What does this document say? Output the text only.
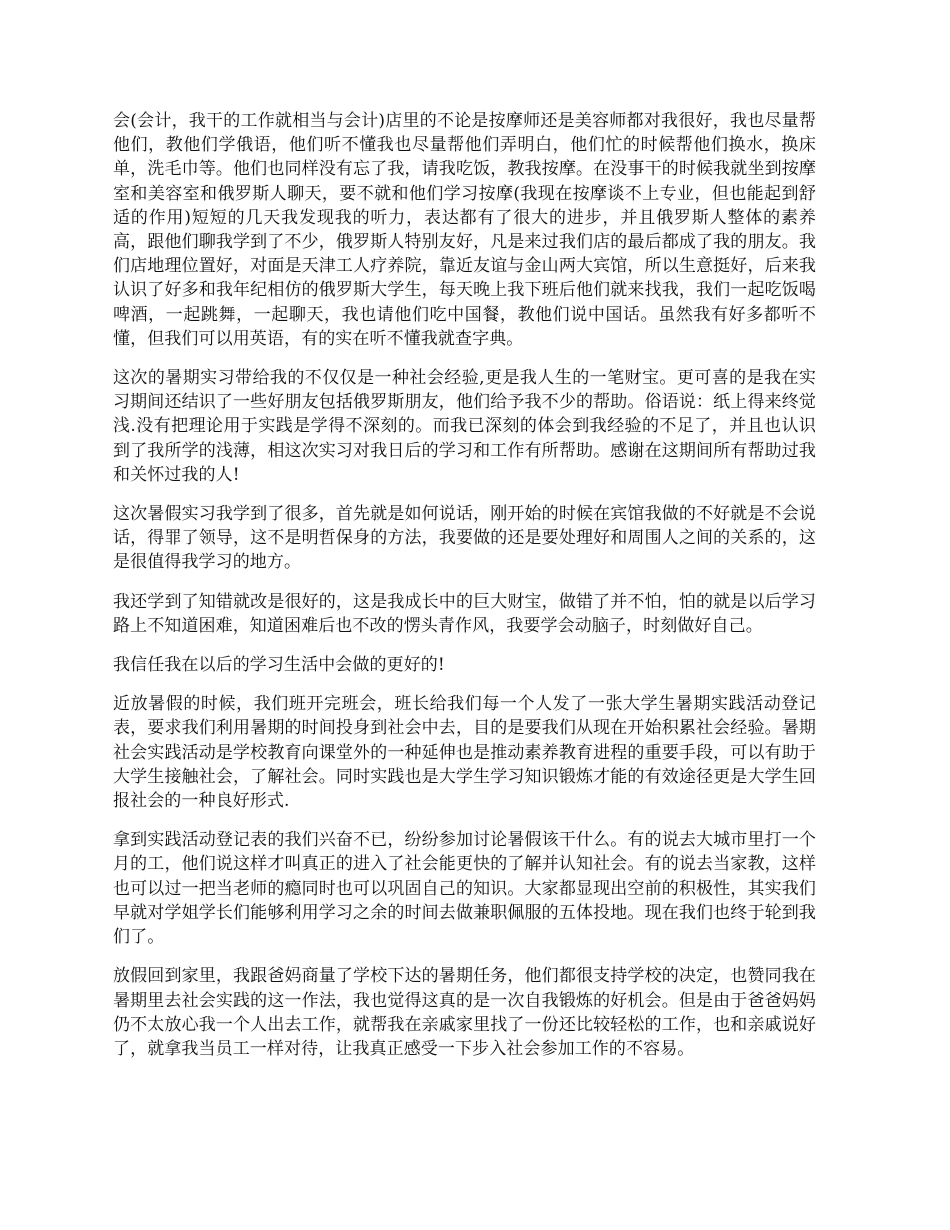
会(会计，我干的工作就相当与会计)店里的不论是按摩师还是美容师都对我很好，我也尽量帮他们，教他们学俄语，他们听不懂我也尽量帮他们弄明白，他们忙的时候帮他们换水，换床单，洗毛巾等。他们也同样没有忘了我，请我吃饭，教我按摩。在没事干的时候我就坐到按摩室和美容室和俄罗斯人聊天，要不就和他们学习按摩(我现在按摩谈不上专业，但也能起到舒适的作用)短短的几天我发现我的听力，表达都有了很大的进步，并且俄罗斯人整体的素养高，跟他们聊我学到了不少，俄罗斯人特别友好，凡是来过我们店的最后都成了我的朋友。我们店地理位置好，对面是天津工人疗养院，靠近友谊与金山两大宾馆，所以生意挺好，后来我认识了好多和我年纪相仿的俄罗斯大学生，每天晚上我下班后他们就来找我，我们一起吃饭喝啤酒，一起跳舞，一起聊天，我也请他们吃中国餐，教他们说中国话。虽然我有好多都听不懂，但我们可以用英语，有的实在听不懂我就查字典。

这次的暑期实习带给我的不仅仅是一种社会经验,更是我人生的一笔财宝。更可喜的是我在实习期间还结识了一些好朋友包括俄罗斯朋友，他们给予我不少的帮助。俗语说：纸上得来终觉浅.没有把理论用于实践是学得不深刻的。而我已深刻的体会到我经验的不足了，并且也认识到了我所学的浅薄，相这次实习对我日后的学习和工作有所帮助。感谢在这期间所有帮助过我和关怀过我的人!

这次暑假实习我学到了很多，首先就是如何说话，刚开始的时候在宾馆我做的不好就是不会说话，得罪了领导，这不是明哲保身的方法，我要做的还是要处理好和周围人之间的关系的，这是很值得我学习的地方。

我还学到了知错就改是很好的，这是我成长中的巨大财宝，做错了并不怕，怕的就是以后学习路上不知道困难，知道困难后也不改的愣头青作风，我要学会动脑子，时刻做好自己。

我信任我在以后的学习生活中会做的更好的!

近放暑假的时候，我们班开完班会，班长给我们每一个人发了一张大学生暑期实践活动登记表，要求我们利用暑期的时间投身到社会中去，目的是要我们从现在开始积累社会经验。暑期社会实践活动是学校教育向课堂外的一种延伸也是推动素养教育进程的重要手段，可以有助于大学生接触社会，了解社会。同时实践也是大学生学习知识锻炼才能的有效途径更是大学生回报社会的一种良好形式.

拿到实践活动登记表的我们兴奋不已，纷纷参加讨论暑假该干什么。有的说去大城市里打一个月的工，他们说这样才叫真正的进入了社会能更快的了解并认知社会。有的说去当家教，这样也可以过一把当老师的瘾同时也可以巩固自己的知识。大家都显现出空前的积极性，其实我们早就对学姐学长们能够利用学习之余的时间去做兼职佩服的五体投地。现在我们也终于轮到我们了。

放假回到家里，我跟爸妈商量了学校下达的暑期任务，他们都很支持学校的决定，也赞同我在暑期里去社会实践的这一作法，我也觉得这真的是一次自我锻炼的好机会。但是由于爸爸妈妈仍不太放心我一个人出去工作，就帮我在亲戚家里找了一份还比较轻松的工作，也和亲戚说好了，就拿我当员工一样对待，让我真正感受一下步入社会参加工作的不容易。
